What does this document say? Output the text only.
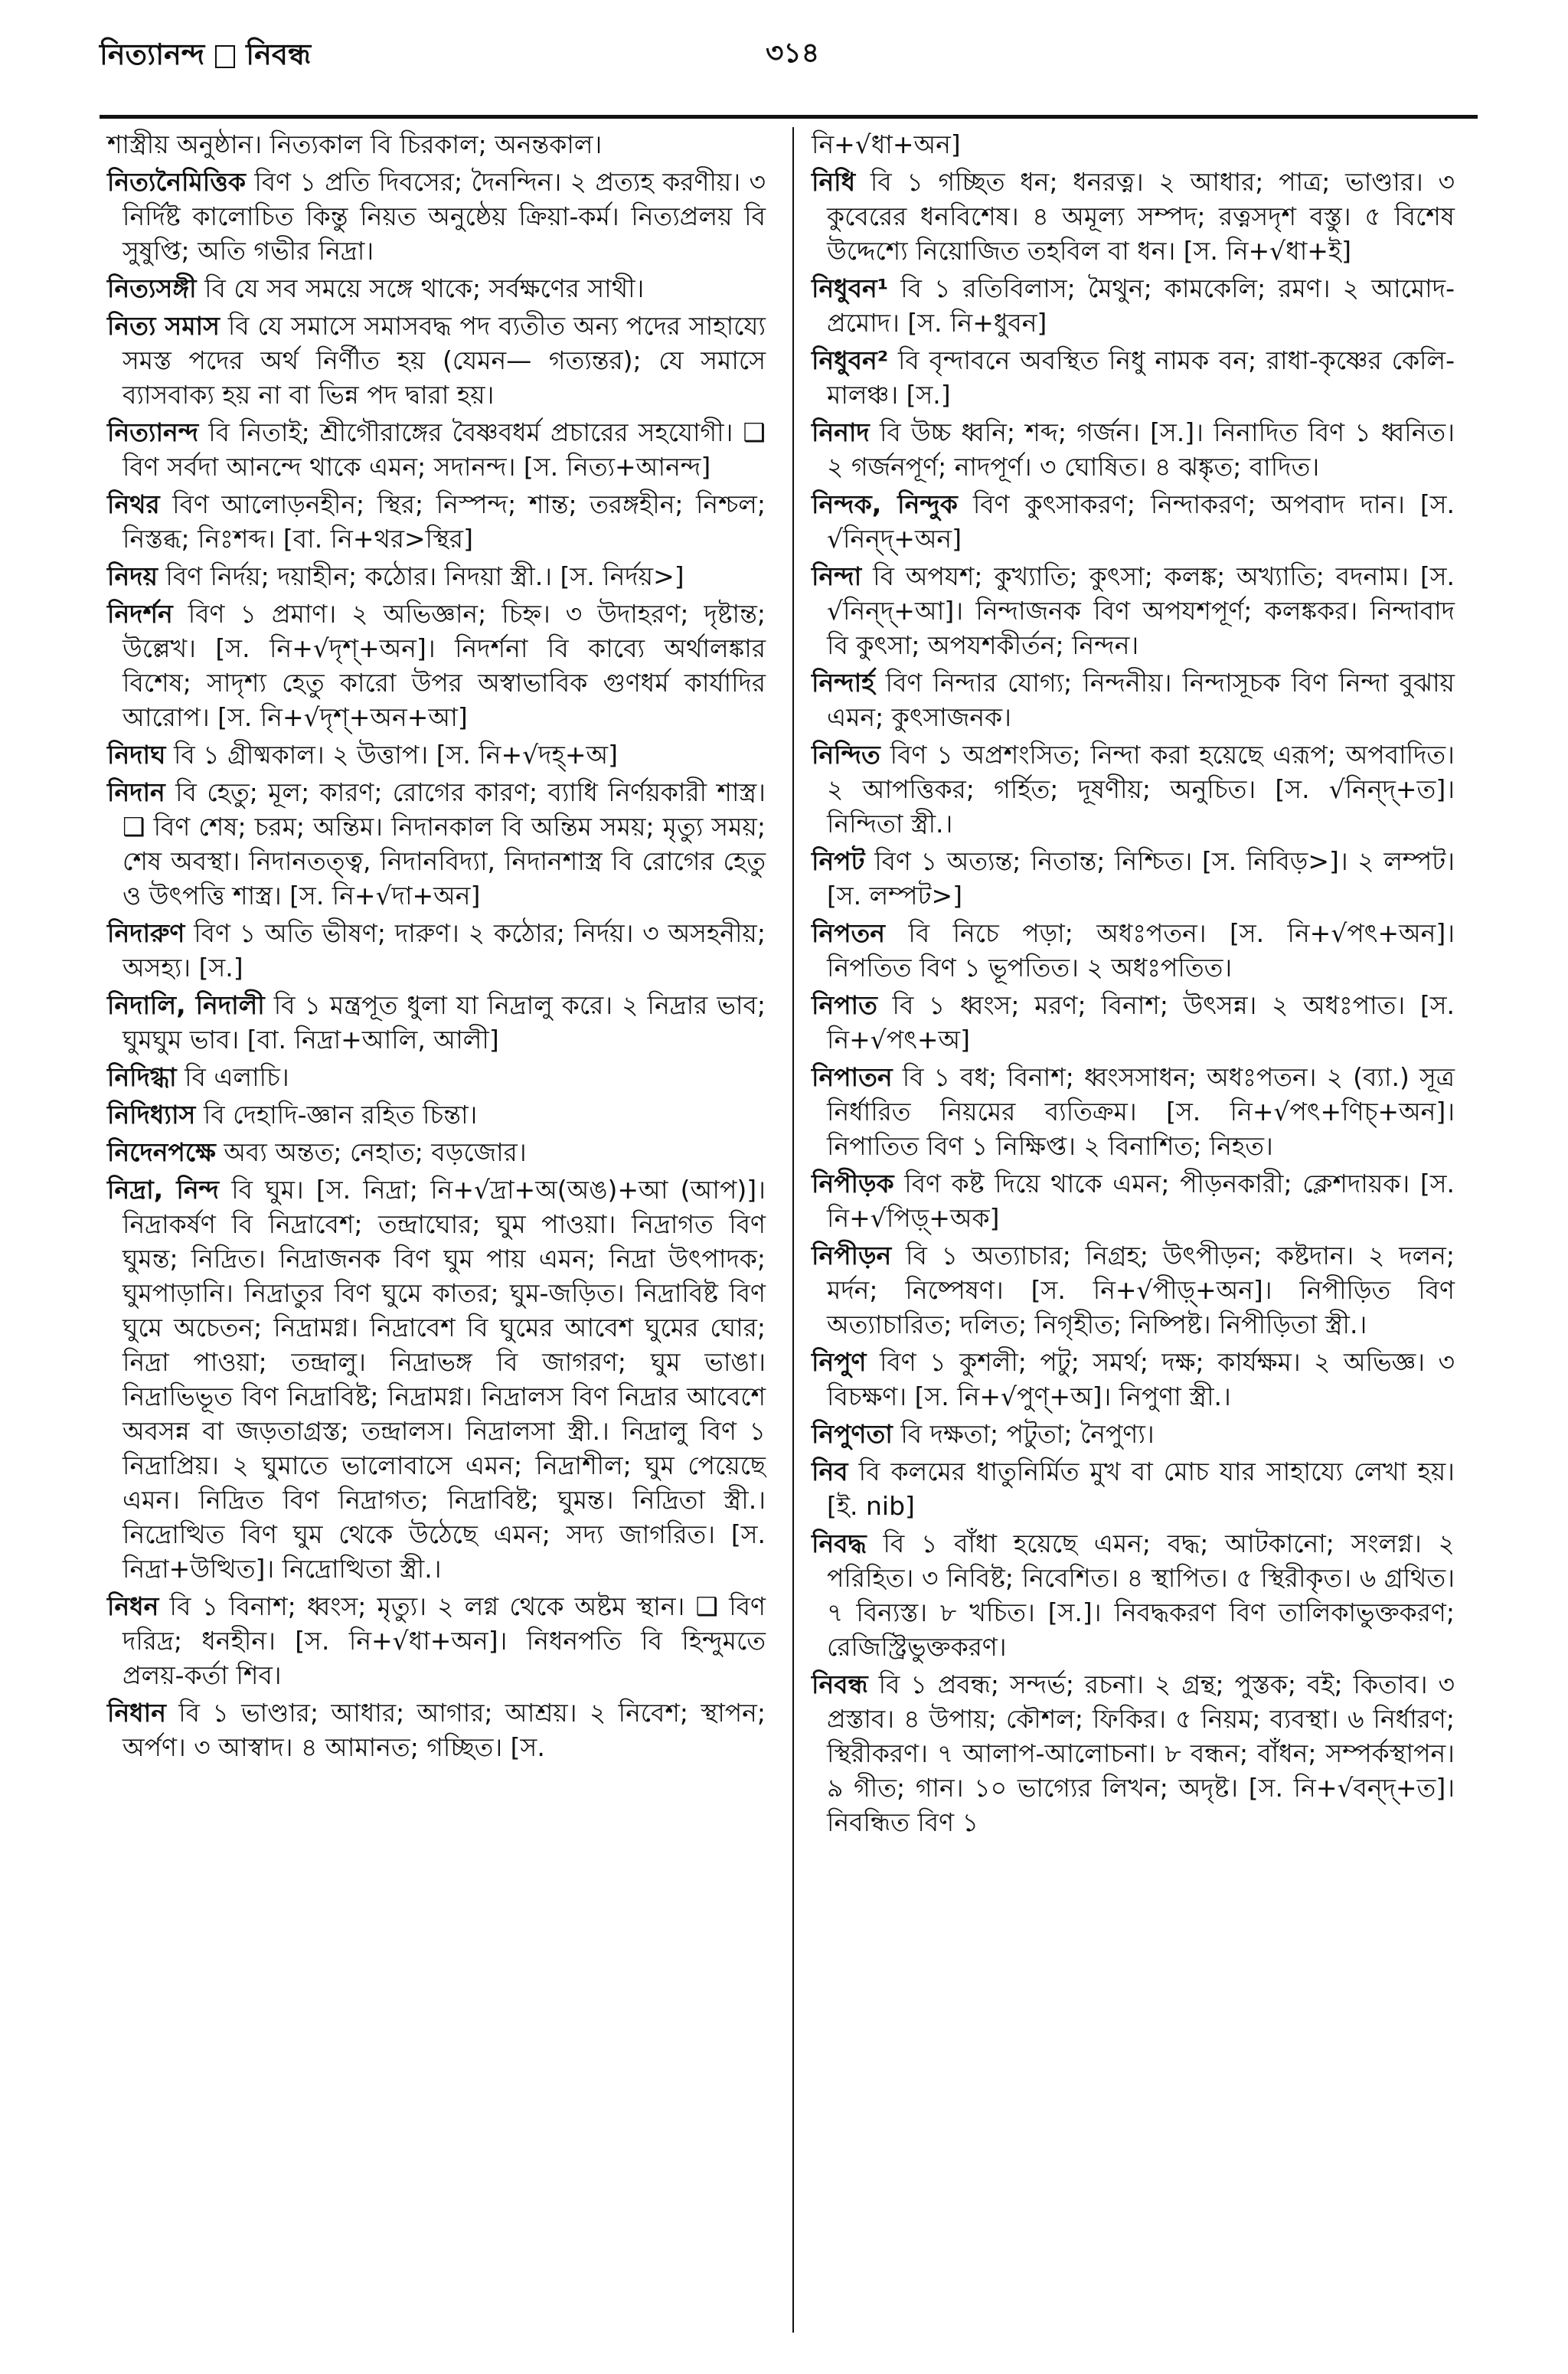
নিত্যানন্দ নিবন্ধ	৩১৪
শাস্ত্রীয় অনুষ্ঠান। নিত্যকাল বি চিরকাল; অনন্তকাল।
নিত্যনৈমিত্তিক বিণ ১ প্রতি দিবসের; দৈনন্দিন। ২ প্রত্যহ করণীয়। ৩ নির্দিষ্ট কালোচিত কিন্তু নিয়ত অনুষ্ঠেয় ক্রিয়া-কর্ম। নিত্যপ্রলয় বি সুষুপ্তি; অতি গভীর নিদ্রা।
নিত্যসঙ্গী বি যে সব সময়ে সঙ্গে থাকে; সর্বক্ষণের সাথী।
নিত্য সমাস বি যে সমাসে সমাসবদ্ধ পদ ব্যতীত অন্য পদের সাহায্যে সমস্ত পদের অর্থ নির্ণীত হয় (যেমন— গত্যন্তর); যে সমাসে ব্যাসবাক্য হয় না বা ভিন্ন পদ দ্বারা হয়।
নিত্যানন্দ বি নিতাই; শ্রীগৌরাঙ্গের বৈষ্ণবধর্ম প্রচারের সহযোগী। ❑ বিণ সর্বদা আনন্দে থাকে এমন; সদানন্দ। [স. নিত্য+আনন্দ]
নিথর বিণ আলোড়নহীন; স্থির; নিস্পন্দ; শান্ত; তরঙ্গহীন; নিশ্চল; নিস্তব্ধ; নিঃশব্দ। [বা. নি+থর>স্থির]
নিদয় বিণ নির্দয়; দয়াহীন; কঠোর। নিদয়া স্ত্রী.। [স. নির্দয়>]
নিদর্শন বিণ ১ প্রমাণ। ২ অভিজ্ঞান; চিহ্ন। ৩ উদাহরণ; দৃষ্টান্ত; উল্লেখ। [স. নি+√দৃশ্+অন]। নিদর্শনা বি কাব্যে অর্থালঙ্কার বিশেষ; সাদৃশ্য হেতু কারো উপর অস্বাভাবিক গুণধর্ম কার্যাদির আরোপ। [স. নি+√দৃশ্+অন+আ]
নিদাঘ বি ১ গ্রীষ্মকাল। ২ উত্তাপ। [স. নি+√দহ্+অ]
নিদান বি হেতু; মূল; কারণ; রোগের কারণ; ব্যাধি নির্ণয়কারী শাস্ত্র। ❑ বিণ শেষ; চরম; অন্তিম। নিদানকাল বি অন্তিম সময়; মৃত্যু সময়; শেষ অবস্থা। নিদানতত্ত্ব, নিদানবিদ্যা, নিদানশাস্ত্র বি রোগের হেতু ও উৎপত্তি শাস্ত্র। [স. নি+√দা+অন]
নিদারুণ বিণ ১ অতি ভীষণ; দারুণ। ২ কঠোর; নির্দয়। ৩ অসহনীয়; অসহ্য। [স.]
নিদালি, নিদালী বি ১ মন্ত্রপূত ধুলা যা নিদ্রালু করে। ২ নিদ্রার ভাব; ঘুমঘুম ভাব। [বা. নিদ্রা+আলি, আলী]
নিদিগ্ধা বি এলাচি।
নিদিধ্যাস বি দেহাদি-জ্ঞান রহিত চিন্তা।
নিদেনপক্ষে অব্য অন্তত; নেহাত; বড়জোর।
নিদ্রা, নিন্দ বি ঘুম। [স. নিদ্রা; নি+√দ্রা+অ(অঙ)+আ (আপ)]। নিদ্রাকর্ষণ বি নিদ্রাবেশ; তন্দ্রাঘোর; ঘুম পাওয়া। নিদ্রাগত বিণ ঘুমন্ত; নিদ্রিত। নিদ্রাজনক বিণ ঘুম পায় এমন; নিদ্রা উৎপাদক; ঘুমপাড়ানি। নিদ্রাতুর বিণ ঘুমে কাতর; ঘুম-জড়িত। নিদ্রাবিষ্ট বিণ ঘুমে অচেতন; নিদ্রামগ্ন। নিদ্রাবেশ বি ঘুমের আবেশ ঘুমের ঘোর; নিদ্রা পাওয়া; তন্দ্রালু। নিদ্রাভঙ্গ বি জাগরণ; ঘুম ভাঙা। নিদ্রাভিভূত বিণ নিদ্রাবিষ্ট; নিদ্রামগ্ন। নিদ্রালস বিণ নিদ্রার আবেশে অবসন্ন বা জড়তাগ্রস্ত; তন্দ্রালস। নিদ্রালসা স্ত্রী.। নিদ্রালু বিণ ১ নিদ্রাপ্রিয়। ২ ঘুমাতে ভালোবাসে এমন; নিদ্রাশীল; ঘুম পেয়েছে এমন। নিদ্রিত বিণ নিদ্রাগত; নিদ্রাবিষ্ট; ঘুমন্ত। নিদ্রিতা স্ত্রী.। নিদ্রোত্থিত বিণ ঘুম থেকে উঠেছে এমন; সদ্য জাগরিত। [স. নিদ্রা+উত্থিত]। নিদ্রোত্থিতা স্ত্রী.।
নিধন বি ১ বিনাশ; ধ্বংস; মৃত্যু। ২ লগ্ন থেকে অষ্টম স্থান। ❑ বিণ দরিদ্র; ধনহীন। [স. নি+√ধা+অন]। নিধনপতি বি হিন্দুমতে প্রলয়-কর্তা শিব।
নিধান বি ১ ভাণ্ডার; আধার; আগার; আশ্রয়। ২ নিবেশ; স্থাপন; অর্পণ। ৩ আস্বাদ। ৪ আমানত; গচ্ছিত। [স.
নি+√ধা+অন]
নিধি বি ১ গচ্ছিত ধন; ধনরত্ন। ২ আধার; পাত্র; ভাণ্ডার। ৩ কুবেরের ধনবিশেষ। ৪ অমূল্য সম্পদ; রত্নসদৃশ বস্তু। ৫ বিশেষ উদ্দেশ্যে নিয়োজিত তহবিল বা ধন। [স. নি+√ধা+ই]
নিধুবন¹ বি ১ রতিবিলাস; মৈথুন; কামকেলি; রমণ। ২ আমোদ-প্রমোদ। [স. নি+ধুবন]
নিধুবন² বি বৃন্দাবনে অবস্থিত নিধু নামক বন; রাধা-কৃষ্ণের কেলি-মালঞ্চ। [স.]
নিনাদ বি উচ্চ ধ্বনি; শব্দ; গর্জন। [স.]। নিনাদিত বিণ ১ ধ্বনিত। ২ গর্জনপূর্ণ; নাদপূর্ণ। ৩ ঘোষিত। ৪ ঝঙ্কৃত; বাদিত।
নিন্দক, নিন্দুক বিণ কুৎসাকরণ; নিন্দাকরণ; অপবাদ দান। [স. √নিন্দ্+অন]
নিন্দা বি অপযশ; কুখ্যাতি; কুৎসা; কলঙ্ক; অখ্যাতি; বদনাম। [স. √নিন্দ্+আ]। নিন্দাজনক বিণ অপযশপূর্ণ; কলঙ্ককর। নিন্দাবাদ বি কুৎসা; অপযশকীর্তন; নিন্দন।
নিন্দার্হ বিণ নিন্দার যোগ্য; নিন্দনীয়। নিন্দাসূচক বিণ নিন্দা বুঝায় এমন; কুৎসাজনক।
নিন্দিত বিণ ১ অপ্রশংসিত; নিন্দা করা হয়েছে এরূপ; অপবাদিত। ২ আপত্তিকর; গর্হিত; দূষণীয়; অনুচিত। [স. √নিন্দ্+ত]। নিন্দিতা স্ত্রী.।
নিপট বিণ ১ অত্যন্ত; নিতান্ত; নিশ্চিত। [স. নিবিড়>]। ২ লম্পট। [স. লম্পট>]
নিপতন বি নিচে পড়া; অধঃপতন। [স. নি+√পৎ+অন]। নিপতিত বিণ ১ ভূপতিত। ২ অধঃপতিত।
নিপাত বি ১ ধ্বংস; মরণ; বিনাশ; উৎসন্ন। ২ অধঃপাত। [স. নি+√পৎ+অ]
নিপাতন বি ১ বধ; বিনাশ; ধ্বংসসাধন; অধঃপতন। ২ (ব্যা.) সূত্র নির্ধারিত নিয়মের ব্যতিক্রম। [স. নি+√পৎ+ণিচ্+অন]। নিপাতিত বিণ ১ নিক্ষিপ্ত। ২ বিনাশিত; নিহত।
নিপীড়ক বিণ কষ্ট দিয়ে থাকে এমন; পীড়নকারী; ক্লেশদায়ক। [স. নি+√পিড়্+অক]
নিপীড়ন বি ১ অত্যাচার; নিগ্রহ; উৎপীড়ন; কষ্টদান। ২ দলন; মর্দন; নিষ্পেষণ। [স. নি+√পীড়্+অন]। নিপীড়িত বিণ অত্যাচারিত; দলিত; নিগৃহীত; নিষ্পিষ্ট। নিপীড়িতা স্ত্রী.।
নিপুণ বিণ ১ কুশলী; পটু; সমর্থ; দক্ষ; কার্যক্ষম। ২ অভিজ্ঞ। ৩ বিচক্ষণ। [স. নি+√পুণ্+অ]। নিপুণা স্ত্রী.।
নিপুণতা বি দক্ষতা; পটুতা; নৈপুণ্য।
নিব বি কলমের ধাতুনির্মিত মুখ বা মোচ যার সাহায্যে লেখা হয়। [ই. nib]
নিবদ্ধ বি ১ বাঁধা হয়েছে এমন; বদ্ধ; আটকানো; সংলগ্ন। ২ পরিহিত। ৩ নিবিষ্ট; নিবেশিত। ৪ স্থাপিত। ৫ স্থিরীকৃত। ৬ গ্রথিত। ৭ বিন্যস্ত। ৮ খচিত। [স.]। নিবদ্ধকরণ বিণ তালিকাভুক্তকরণ; রেজিস্ট্রিভুক্তকরণ।
নিবন্ধ বি ১ প্রবন্ধ; সন্দর্ভ; রচনা। ২ গ্রন্থ; পুস্তক; বই; কিতাব। ৩ প্রস্তাব। ৪ উপায়; কৌশল; ফিকির। ৫ নিয়ম; ব্যবস্থা। ৬ নির্ধারণ; স্থিরীকরণ। ৭ আলাপ-আলোচনা। ৮ বন্ধন; বাঁধন; সম্পর্কস্থাপন। ৯ গীত; গান। ১০ ভাগ্যের লিখন; অদৃষ্ট। [স. নি+√বন্দ্+ত]। নিবন্ধিত বিণ ১
